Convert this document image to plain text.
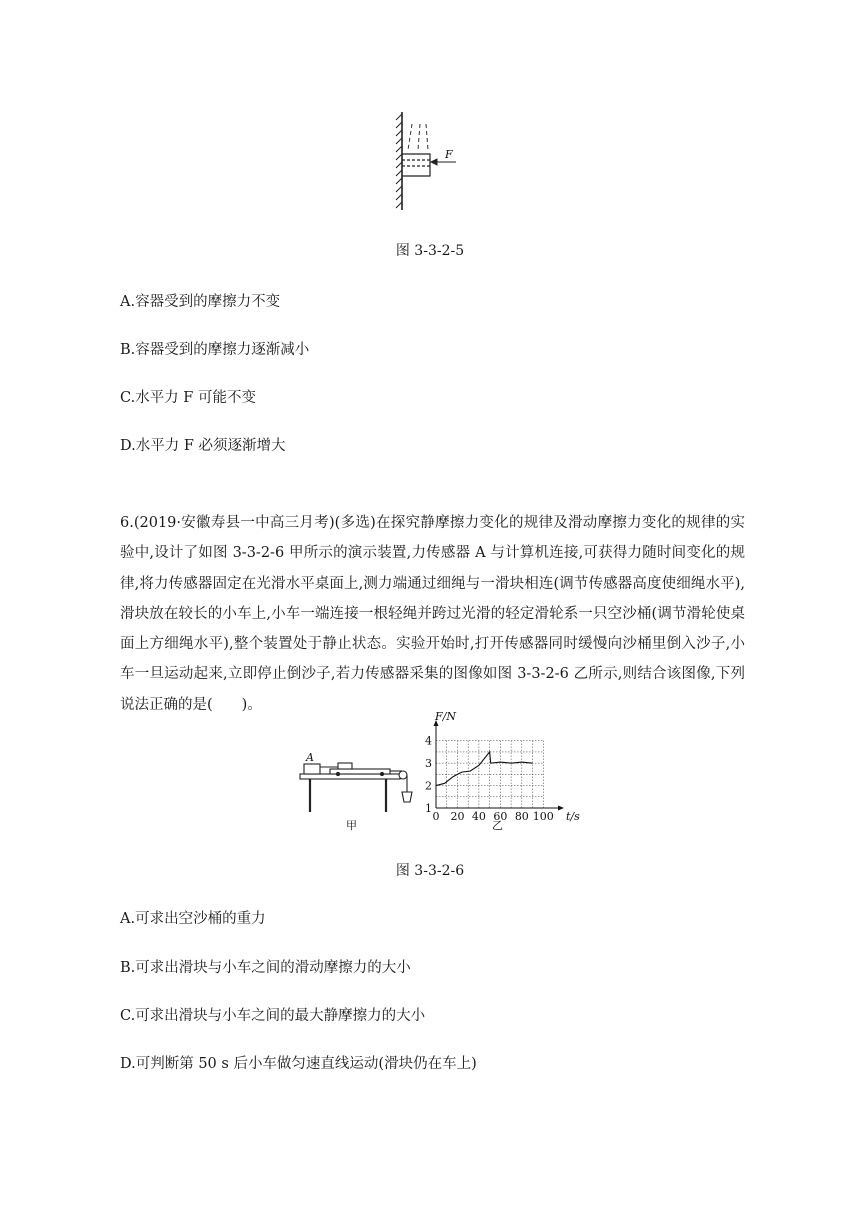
F
图 3-3-2-5
A.容器受到的摩擦力不变
B.容器受到的摩擦力逐渐减小
C.水平力 F 可能不变
D.水平力 F 必须逐渐增大
6.(2019·安徽寿县一中高三月考)(多选)在探究静摩擦力变化的规律及滑动摩擦力变化的规律的实验中,设计了如图 3-3-2-6 甲所示的演示装置,力传感器 A 与计算机连接,可获得力随时间变化的规律,将力传感器固定在光滑水平桌面上,测力端通过细绳与一滑块相连(调节传感器高度使细绳水平),滑块放在较长的小车上,小车一端连接一根轻绳并跨过光滑的轻定滑轮系一只空沙桶(调节滑轮使桌面上方细绳水平),整个装置处于静止状态。实验开始时,打开传感器同时缓慢向沙桶里倒入沙子,小车一旦运动起来,立即停止倒沙子,若力传感器采集的图像如图 3-3-2-6 乙所示,则结合该图像,下列说法正确的是(　　)。
A
甲
0 20 40 60 80 100
1
2
3
4
F/N
t/s
乙
图 3-3-2-6
A.可求出空沙桶的重力
B.可求出滑块与小车之间的滑动摩擦力的大小
C.可求出滑块与小车之间的最大静摩擦力的大小
D.可判断第 50 s 后小车做匀速直线运动(滑块仍在车上)
